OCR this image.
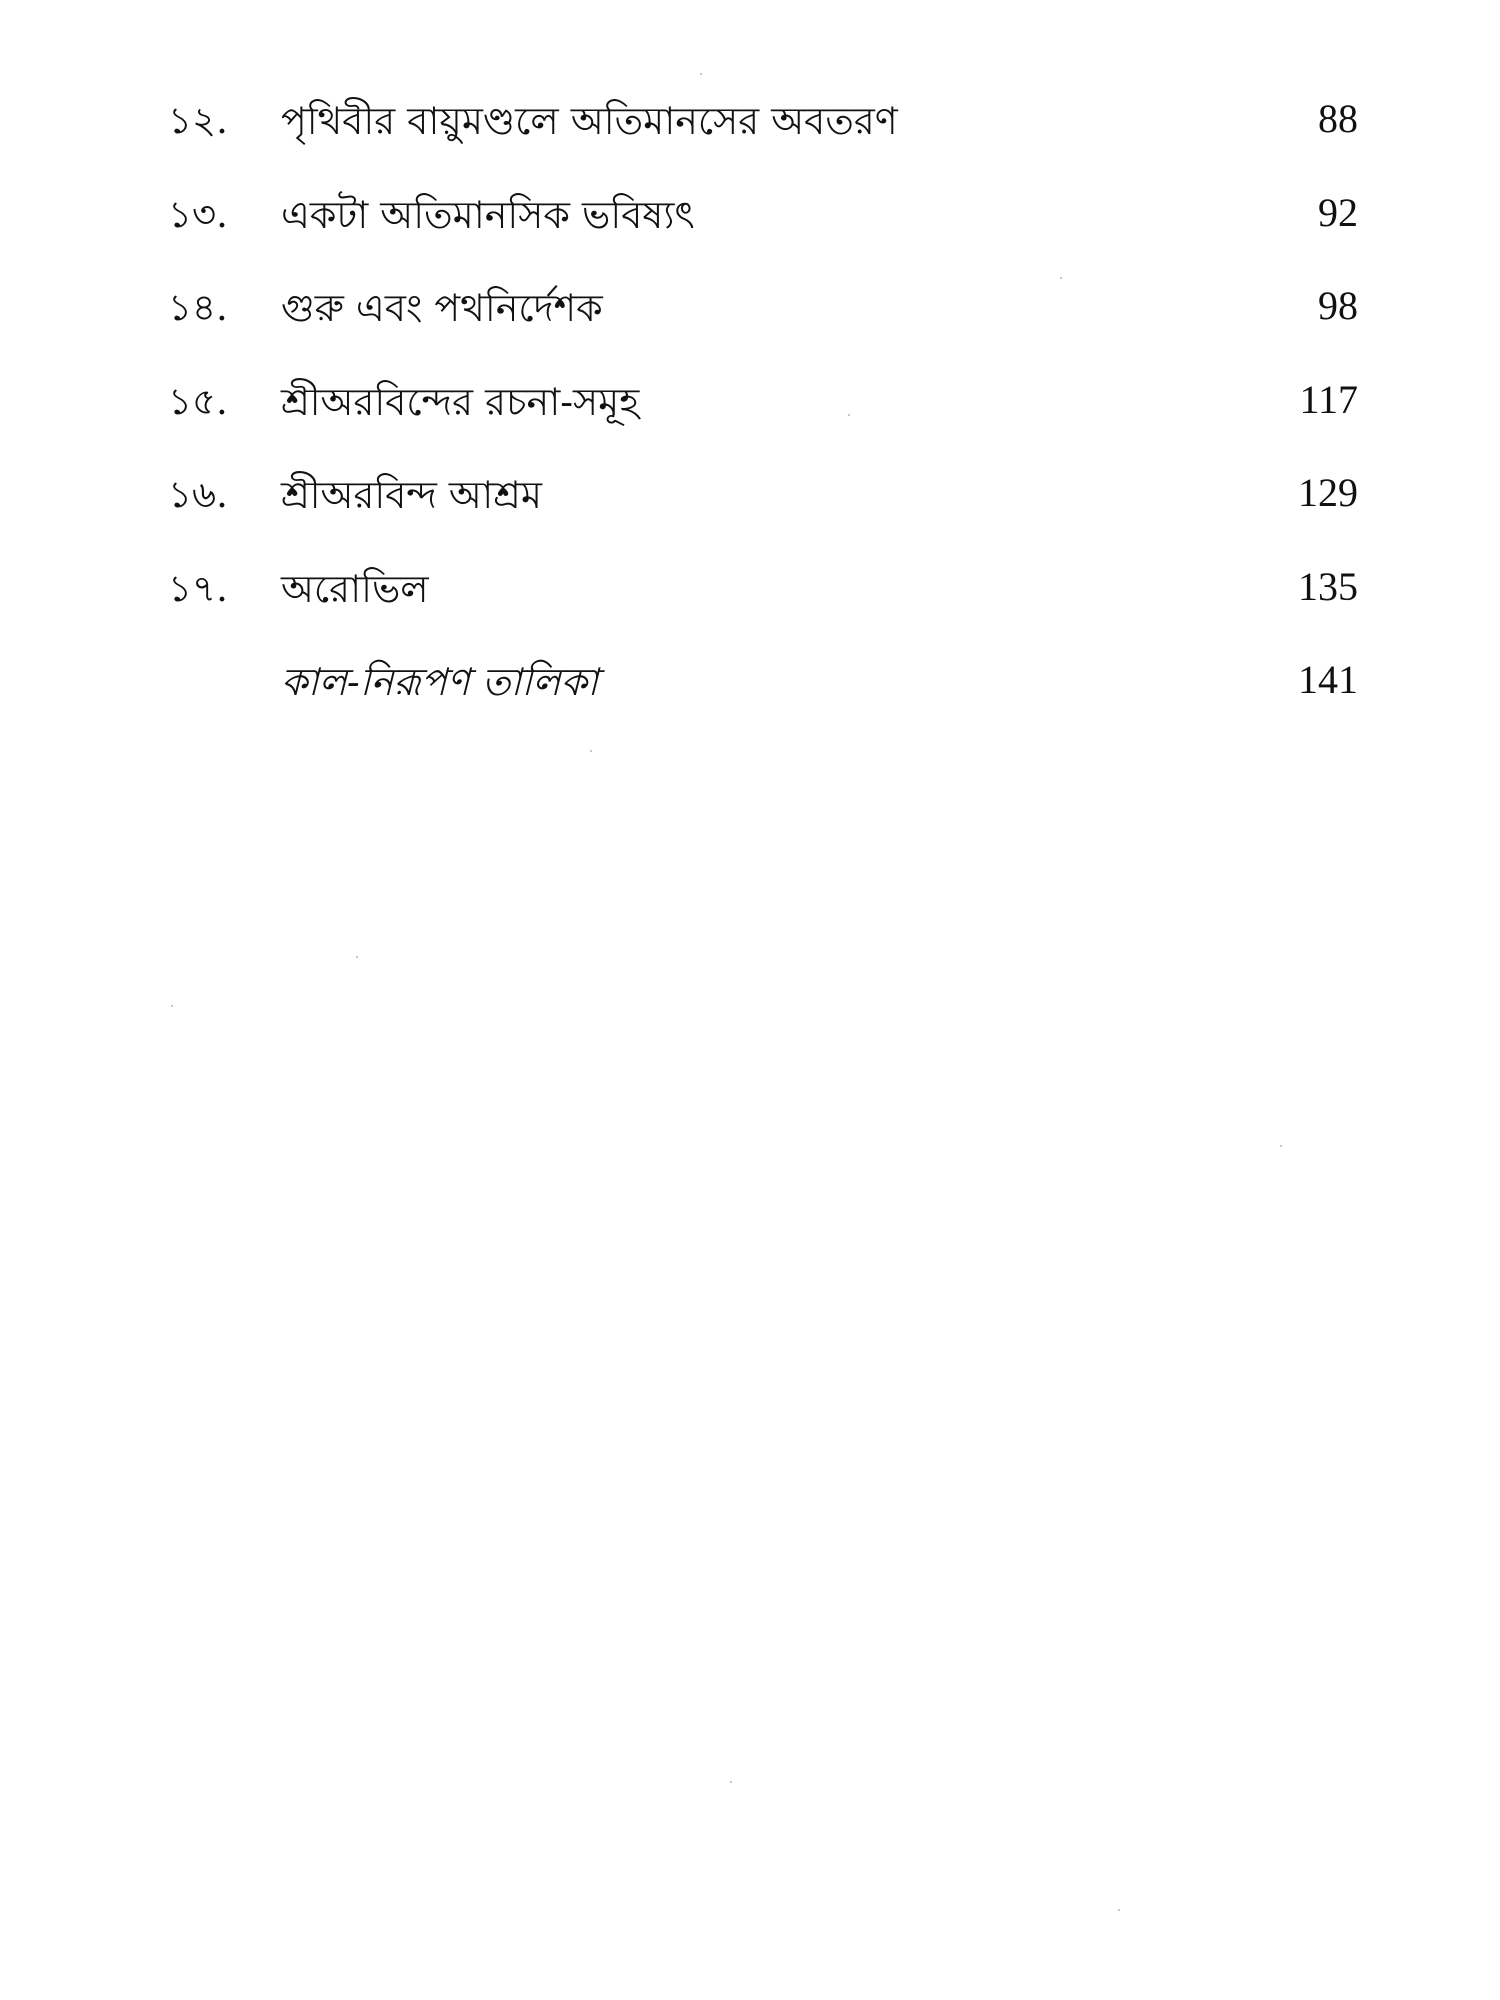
১২. পৃথিবীর বায়ুমণ্ডলে অতিমানসের অবতরণ	88
১৩. একটা অতিমানসিক ভবিষ্যৎ	92
১৪. গুরু এবং পথনির্দেশক	98
১৫. শ্রীঅরবিন্দের রচনা-সমূহ	117
১৬. শ্রীঅরবিন্দ আশ্রম	129
১৭. অরোভিল	135
কাল-নিরূপণ তালিকা	141
